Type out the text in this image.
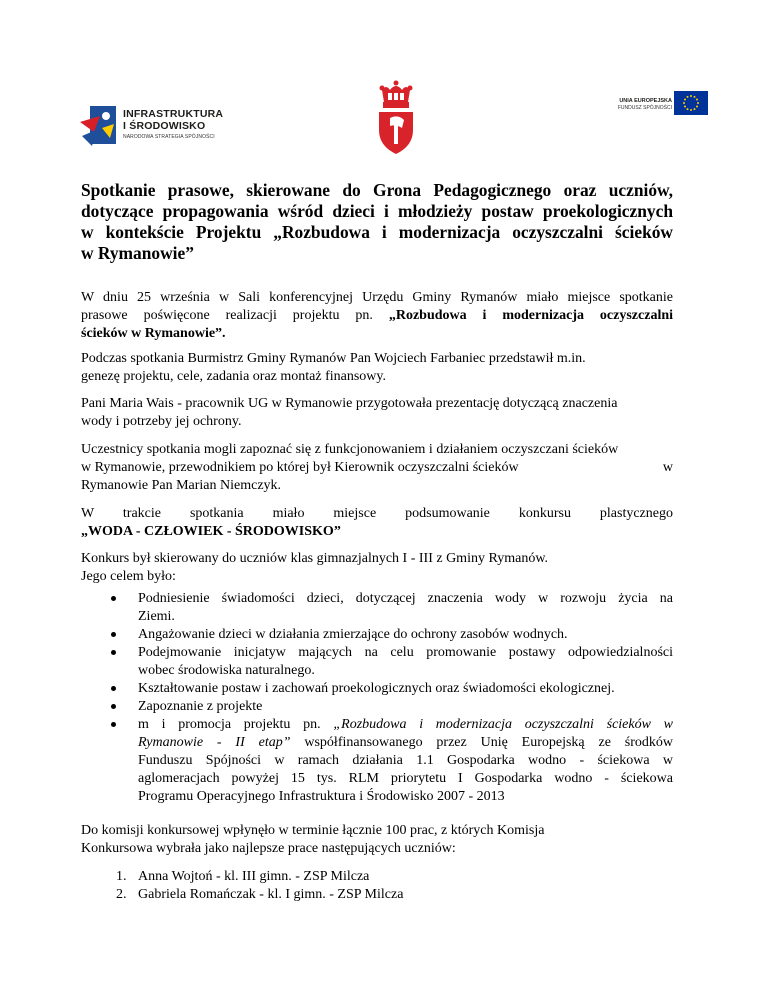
INFRASTRUKTURA
I ŚRODOWISKO
NARODOWA STRATEGIA SPÓJNOŚCI
UNIA EUROPEJSKA
FUNDUSZ SPÓJNOŚCI
Spotkanie prasowe, skierowane do Grona Pedagogicznego oraz uczniów,
dotyczące propagowania wśród dzieci i młodzieży postaw proekologicznych
w kontekście Projektu „Rozbudowa i modernizacja oczyszczalni ścieków
w Rymanowie”
W dniu 25 września w Sali konferencyjnej Urzędu Gminy Rymanów miało miejsce spotkanie
prasowe poświęcone realizacji projektu pn. „Rozbudowa i modernizacja oczyszczalni
ścieków w Rymanowie”.
Podczas spotkania Burmistrz Gminy Rymanów Pan Wojciech Farbaniec przedstawił m.in.
genezę projektu, cele, zadania oraz montaż finansowy.
Pani Maria Wais - pracownik UG w Rymanowie przygotowała prezentację dotyczącą znaczenia
wody i potrzeby jej ochrony.
Uczestnicy spotkania mogli zapoznać się z funkcjonowaniem i działaniem oczyszczani ścieków
w Rymanowie, przewodnikiem po której był Kierownik oczyszczalni ścieków	w
Rymanowie Pan Marian Niemczyk.
W trakcie spotkania miało miejsce podsumowanie konkursu plastycznego
„WODA - CZŁOWIEK - ŚRODOWISKO”
Konkurs był skierowany do uczniów klas gimnazjalnych I - III z Gminy Rymanów.
Jego celem było:
Podniesienie świadomości dzieci, dotyczącej znaczenia wody w rozwoju życia na
Ziemi.
Angażowanie dzieci w działania zmierzające do ochrony zasobów wodnych.
Podejmowanie inicjatyw mających na celu promowanie postawy odpowiedzialności
wobec środowiska naturalnego.
Kształtowanie postaw i zachowań proekologicznych oraz świadomości ekologicznej.
Zapoznanie z projekte
m i promocja projektu pn. „Rozbudowa i modernizacja oczyszczalni ścieków w
Rymanowie - II etap” współfinansowanego przez Unię Europejską ze środków
Funduszu Spójności w ramach działania 1.1 Gospodarka wodno - ściekowa w
aglomeracjach powyżej 15 tys. RLM priorytetu I Gospodarka wodno - ściekowa
Programu Operacyjnego Infrastruktura i Środowisko 2007 - 2013
Do komisji konkursowej wpłynęło w terminie łącznie 100 prac, z których Komisja
Konkursowa wybrała jako najlepsze prace następujących uczniów:
1. Anna Wojtoń - kl. III gimn. - ZSP Milcza
2. Gabriela Romańczak - kl. I gimn. - ZSP Milcza
